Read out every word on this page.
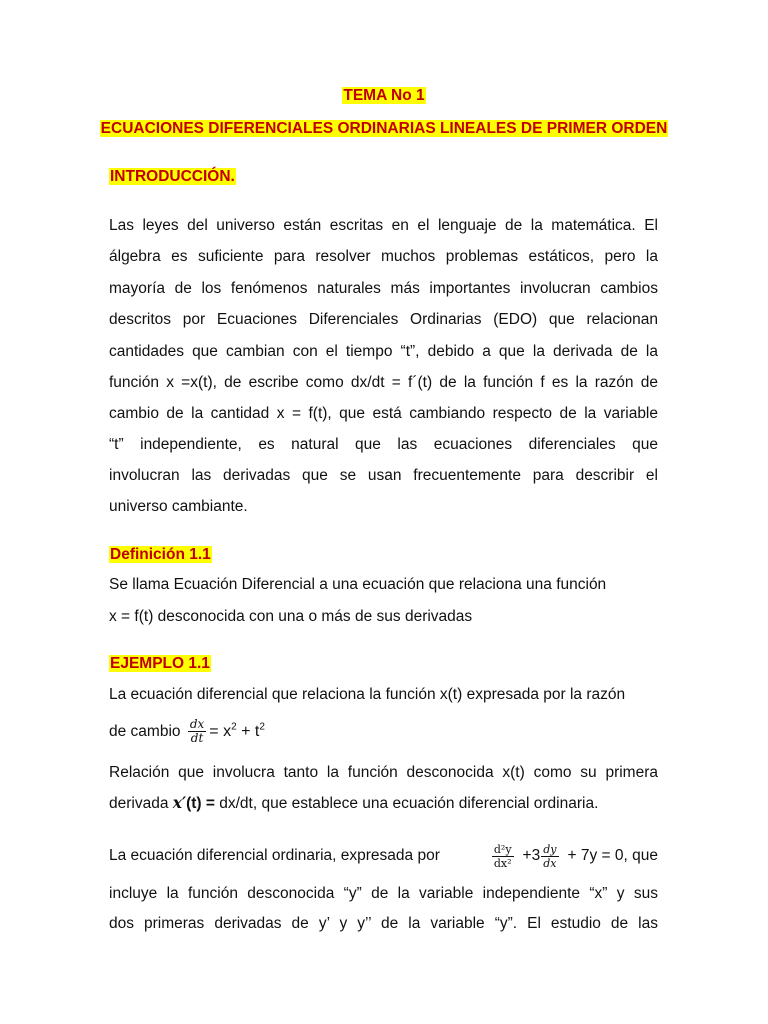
TEMA No 1
ECUACIONES DIFERENCIALES ORDINARIAS LINEALES DE PRIMER ORDEN
INTRODUCCIÓN.
Las leyes del universo están escritas en el lenguaje de la matemática. El
álgebra es suficiente para resolver muchos problemas estáticos, pero la
mayoría de los fenómenos naturales más importantes involucran cambios
descritos por Ecuaciones Diferenciales Ordinarias (EDO) que relacionan
cantidades que cambian con el tiempo “t”, debido a que la derivada de la
función x =x(t), de escribe como dx/dt = f´(t) de la función f es la razón de
cambio de la cantidad x = f(t), que está cambiando respecto de la variable
“t” independiente, es natural que las ecuaciones diferenciales que
involucran las derivadas que se usan frecuentemente para describir el
universo cambiante.
Definición 1.1
Se llama Ecuación Diferencial a una ecuación que relaciona una función
x = f(t) desconocida con una o más de sus derivadas
EJEMPLO 1.1
La ecuación diferencial que relaciona la función x(t) expresada por la razón
de cambio $\frac{dx}{dt} = x^2 + t^2$
Relación que involucra tanto la función desconocida x(t) como su primera
derivada x′(t) = dx/dt, que establece una ecuación diferencial ordinaria.
La ecuación diferencial ordinaria, expresada por	$\frac{\text{d²y}}{\text{dx²}} +3 \frac{dy}{dx} + 7y = 0$, que
incluye la función desconocida “y” de la variable independiente “x” y sus
dos primeras derivadas de y’ y y’’ de la variable “y”. El estudio de las
